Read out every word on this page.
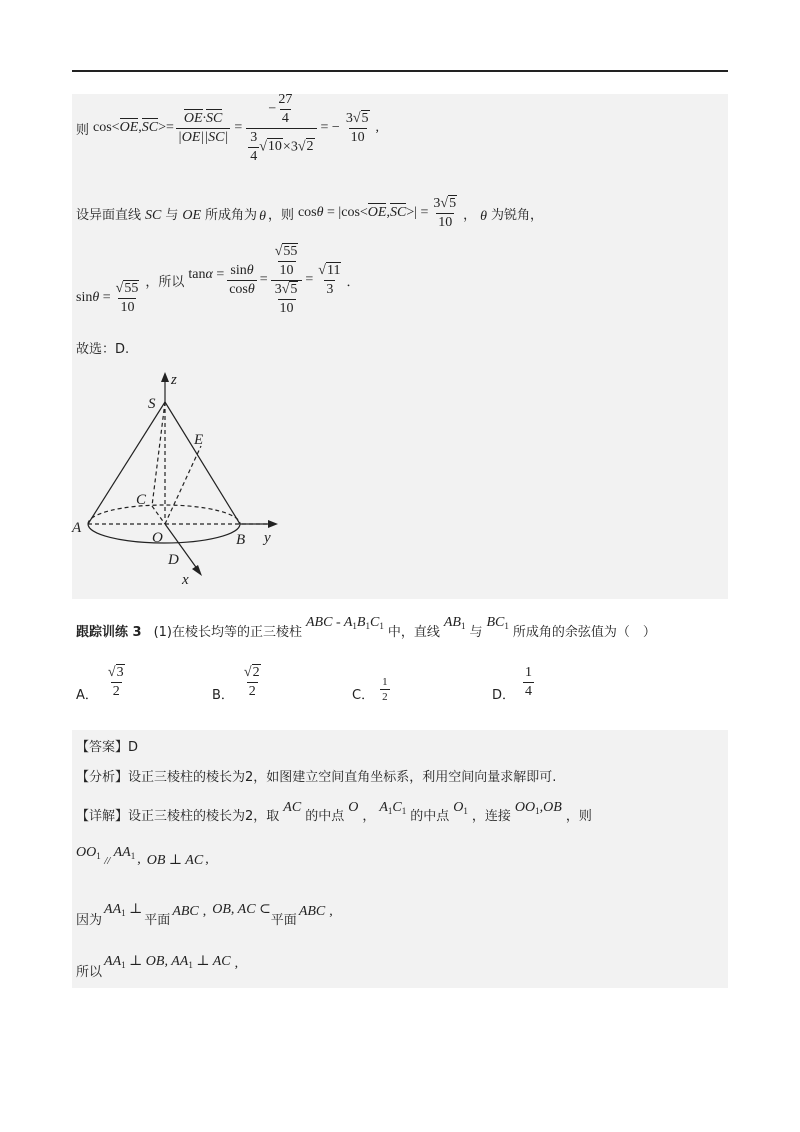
则 $\cos<OE,SC>= \frac{OE\cdot SC}{|OE||SC|} = \frac{- \frac{27}{4}}{\frac{3}{4} √10\times 3√2}$ = − $\frac{3√5}{10}$ ,
设异面直线 SC 与 OE 所成角为 θ ，则 $\cos\theta = |\cos<OE,SC>| = \frac{3√5}{10}$ ， θ 为锐角，
$\sin\theta = \frac{√55}{10}$ ，所以 $\tan\alpha = \frac{\sin\theta}{\cos\theta} = \frac{\frac{√55}{10}}{\frac{3√5}{10}} = \frac{√11}{3}$ ．
故选：D.
z
S
E
C
A
O	B y
D
x
跟踪训练 3 (1)在棱长均等的正三棱柱
ABC - $A_1B_1C_1$ 中，直线
$AB_1$ 与
$BC_1$ 所成角的余弦值为（　）
A． $\frac{√3}{2}$	B． $\frac{√2}{2}$	C． $\frac{1}{2}$	D． $\frac{1}{4}$
【答案】D
【分析】设正三棱柱的棱长为2，如图建立空间直角坐标系，利用空间向量求解即可.
【详解】 设正三棱柱的棱长为2，取
AC
的中点
O
，
$A_1C_1$ 的中点
$O_1$ ，连接
$OO_1,OB$
，则
$OO_1$ $_{//}$ $AA_1$ , OB ⊥ AC ,
因为
$AA_1$ ⊥
平面
ABC , OB, AC ⊂
平面
ABC ,
所以
$AA_1$ ⊥ OB, $AA_1$ ⊥ AC ,
